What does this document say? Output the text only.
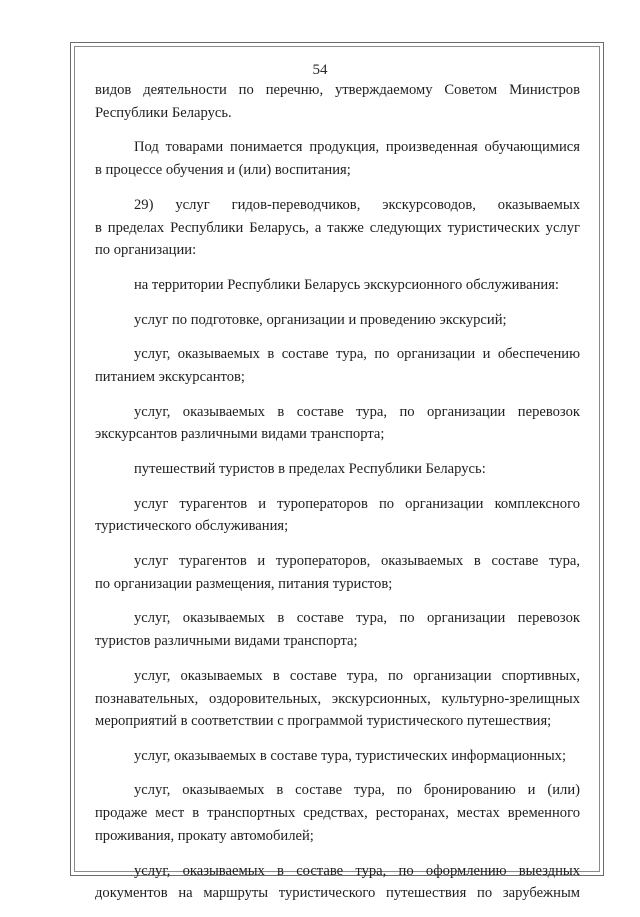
54
видов деятельности по перечню, утверждаемому Советом Министров
Республики Беларусь.
Под товарами понимается продукция, произведенная обучающимися
в процессе обучения и (или) воспитания;
29) услуг гидов-переводчиков, экскурсоводов, оказываемых
в пределах Республики Беларусь, а также следующих туристических услуг
по организации:
на территории Республики Беларусь экскурсионного обслуживания:
услуг по подготовке, организации и проведению экскурсий;
услуг, оказываемых в составе тура, по организации и обеспечению
питанием экскурсантов;
услуг, оказываемых в составе тура, по организации перевозок
экскурсантов различными видами транспорта;
путешествий туристов в пределах Республики Беларусь:
услуг турагентов и туроператоров по организации комплексного
туристического обслуживания;
услуг турагентов и туроператоров, оказываемых в составе тура,
по организации размещения, питания туристов;
услуг, оказываемых в составе тура, по организации перевозок
туристов различными видами транспорта;
услуг, оказываемых в составе тура, по организации спортивных,
познавательных, оздоровительных, экскурсионных, культурно-зрелищных
мероприятий в соответствии с программой туристического путешествия;
услуг, оказываемых в составе тура, туристических информационных;
услуг, оказываемых в составе тура, по бронированию и (или)
продаже мест в транспортных средствах, ресторанах, местах временного
проживания, прокату автомобилей;
услуг, оказываемых в составе тура, по оформлению выездных
документов на маршруты туристического путешествия по зарубежным
